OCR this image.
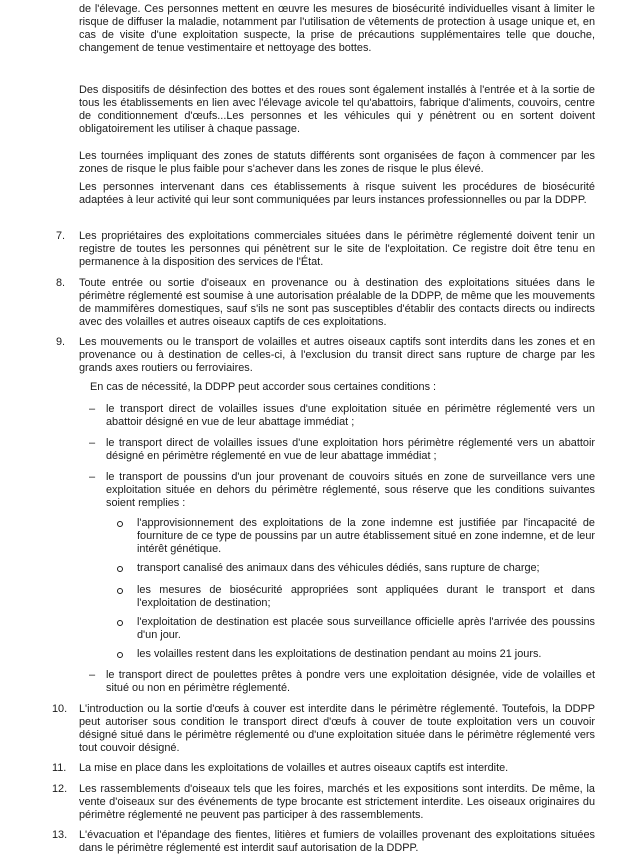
de l'élevage. Ces personnes mettent en œuvre les mesures de biosécurité individuelles visant à limiter le risque de diffuser la maladie, notamment par l'utilisation de vêtements de protection à usage unique et, en cas de visite d'une exploitation suspecte, la prise de précautions supplémentaires telle que douche, changement de tenue vestimentaire et nettoyage des bottes.
Des dispositifs de désinfection des bottes et des roues sont également installés à l'entrée et à la sortie de tous les établissements en lien avec l'élevage avicole tel qu'abattoirs, fabrique d'aliments, couvoirs, centre de conditionnement d'œufs...Les personnes et les véhicules qui y pénètrent ou en sortent doivent obligatoirement les utiliser à chaque passage.
Les tournées impliquant des zones de statuts différents sont organisées de façon à commencer par les zones de risque le plus faible pour s'achever dans les zones de risque le plus élevé.
Les personnes intervenant dans ces établissements à risque suivent les procédures de biosécurité adaptées à leur activité qui leur sont communiquées par leurs instances professionnelles ou par la DDPP.
7. Les propriétaires des exploitations commerciales situées dans le périmètre réglementé doivent tenir un registre de toutes les personnes qui pénètrent sur le site de l'exploitation. Ce registre doit être tenu en permanence à la disposition des services de l'État.
8. Toute entrée ou sortie d'oiseaux en provenance ou à destination des exploitations situées dans le périmètre réglementé est soumise à une autorisation préalable de la DDPP, de même que les mouvements de mammifères domestiques, sauf s'ils ne sont pas susceptibles d'établir des contacts directs ou indirects avec des volailles et autres oiseaux captifs de ces exploitations.
9. Les mouvements ou le transport de volailles et autres oiseaux captifs sont interdits dans les zones et en provenance ou à destination de celles-ci, à l'exclusion du transit direct sans rupture de charge par les grands axes routiers ou ferroviaires.
En cas de nécessité, la DDPP peut accorder sous certaines conditions :
– le transport direct de volailles issues d'une exploitation située en périmètre réglementé vers un abattoir désigné en vue de leur abattage immédiat ;
– le transport direct de volailles issues d'une exploitation hors périmètre réglementé vers un abattoir désigné en périmètre réglementé en vue de leur abattage immédiat ;
– le transport de poussins d'un jour provenant de couvoirs situés en zone de surveillance vers une exploitation située en dehors du périmètre réglementé, sous réserve que les conditions suivantes soient remplies :
l'approvisionnement des exploitations de la zone indemne est justifiée par l'incapacité de fourniture de ce type de poussins par un autre établissement situé en zone indemne, et de leur intérêt génétique.
transport canalisé des animaux dans des véhicules dédiés, sans rupture de charge;
les mesures de biosécurité appropriées sont appliquées durant le transport et dans l'exploitation de destination;
l'exploitation de destination est placée sous surveillance officielle après l'arrivée des poussins d'un jour.
les volailles restent dans les exploitations de destination pendant au moins 21 jours.
– le transport direct de poulettes prêtes à pondre vers une exploitation désignée, vide de volailles et situé ou non en périmètre réglementé.
10. L'introduction ou la sortie d'œufs à couver est interdite dans le périmètre réglementé. Toutefois, la DDPP peut autoriser sous condition le transport direct d'œufs à couver de toute exploitation vers un couvoir désigné situé dans le périmètre réglementé ou d'une exploitation située dans le périmètre réglementé vers tout couvoir désigné.
11. La mise en place dans les exploitations de volailles et autres oiseaux captifs est interdite.
12. Les rassemblements d'oiseaux tels que les foires, marchés et les expositions sont interdits. De même, la vente d'oiseaux sur des événements de type brocante est strictement interdite. Les oiseaux originaires du périmètre réglementé ne peuvent pas participer à des rassemblements.
13. L'évacuation et l'épandage des fientes, litières et fumiers de volailles provenant des exploitations situées dans le périmètre réglementé est interdit sauf autorisation de la DDPP.
